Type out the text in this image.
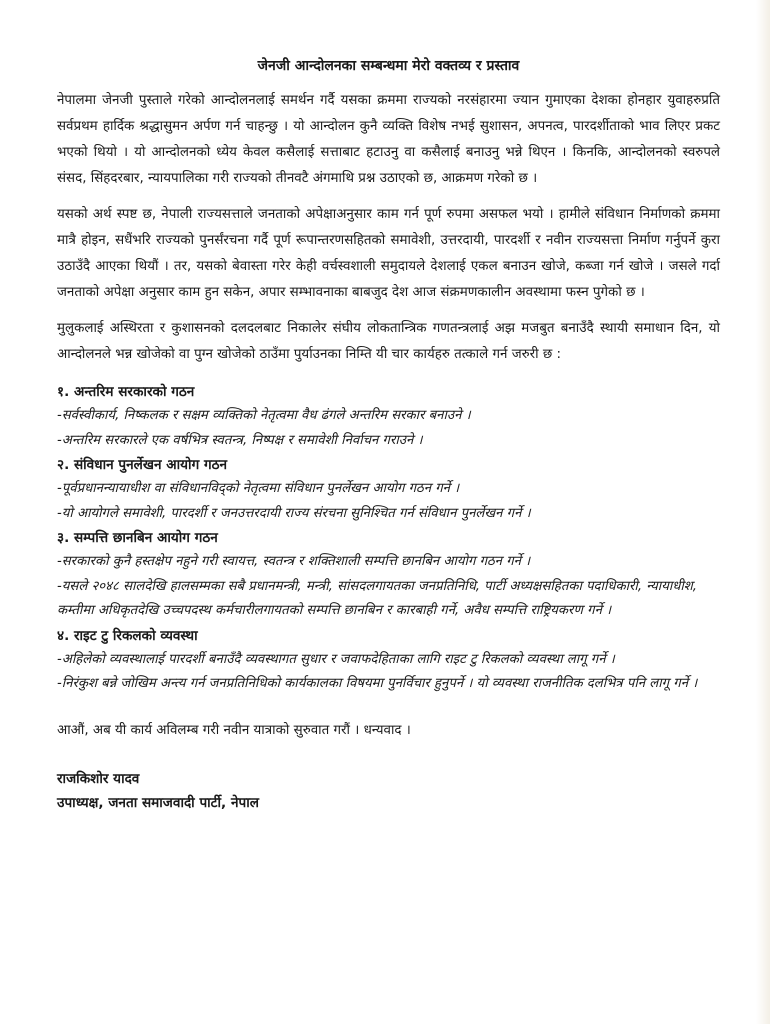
जेनजी आन्दोलनका सम्बन्धमा मेरो वक्तव्य र प्रस्ताव

नेपालमा जेनजी पुस्ताले गरेको आन्दोलनलाई समर्थन गर्दै यसका क्रममा राज्यको नरसंहारमा ज्यान गुमाएका देशका होनहार युवाहरुप्रति सर्वप्रथम हार्दिक श्रद्धासुमन अर्पण गर्न चाहन्छु । यो आन्दोलन कुनै व्यक्ति विशेष नभई सुशासन, अपनत्व, पारदर्शीताको भाव लिएर प्रकट भएको थियो । यो आन्दोलनको ध्येय केवल कसैलाई सत्ताबाट हटाउनु वा कसैलाई बनाउनु भन्ने थिएन । किनकि, आन्दोलनको स्वरुपले संसद, सिंहदरबार, न्यायपालिका गरी राज्यको तीनवटै अंगमाथि प्रश्न उठाएको छ, आक्रमण गरेको छ ।

यसको अर्थ स्पष्ट छ, नेपाली राज्यसत्ताले जनताको अपेक्षाअनुसार काम गर्न पूर्ण रुपमा असफल भयो । हामीले संविधान निर्माणको क्रममा मात्रै होइन, सधैंभरि राज्यको पुनर्संरचना गर्दै पूर्ण रूपान्तरणसहितको समावेशी, उत्तरदायी, पारदर्शी र नवीन राज्यसत्ता निर्माण गर्नुपर्ने कुरा उठाउँदै आएका थियौं । तर, यसको बेवास्ता गरेर केही वर्चस्वशाली समुदायले देशलाई एकल बनाउन खोजे, कब्जा गर्न खोजे । जसले गर्दा जनताको अपेक्षा अनुसार काम हुन सकेन, अपार सम्भावनाका बाबजुद देश आज संक्रमणकालीन अवस्थामा फस्न पुगेको छ ।

मुलुकलाई अस्थिरता र कुशासनको दलदलबाट निकालेर संघीय लोकतान्त्रिक गणतन्त्रलाई अझ मजबुत बनाउँदै स्थायी समाधान दिन, यो आन्दोलनले भन्न खोजेको वा पुग्न खोजेको ठाउँमा पुर्याउनका निम्ति यी चार कार्यहरु तत्काले गर्न जरुरी छ :

१. अन्तरिम सरकारको गठन

-सर्वस्वीकार्य, निष्कलक र सक्षम व्यक्तिको नेतृत्वमा वैध ढंगले अन्तरिम सरकार बनाउने ।

-अन्तरिम सरकारले एक वर्षभित्र स्वतन्त्र, निष्पक्ष र समावेशी निर्वाचन गराउने ।

२. संविधान पुनर्लेखन आयोग गठन

-पूर्वप्रधानन्यायाधीश वा संविधानविद्को नेतृत्वमा संविधान पुनर्लेखन आयोग गठन गर्ने ।

-यो आयोगले समावेशी, पारदर्शी र जनउत्तरदायी राज्य संरचना सुनिश्चित गर्न संविधान पुनर्लेखन गर्ने ।

३. सम्पत्ति छानबिन आयोग गठन

-सरकारको कुनै हस्तक्षेप नहुने गरी स्वायत्त, स्वतन्त्र र शक्तिशाली सम्पत्ति छानबिन आयोग गठन गर्ने ।

-यसले २०४८ सालदेखि हालसम्मका सबै प्रधानमन्त्री, मन्त्री, सांसदलगायतका जनप्रतिनिधि, पार्टी अध्यक्षसहितका पदाधिकारी, न्यायाधीश, कम्तीमा अधिकृतदेखि उच्चपदस्थ कर्मचारीलगायतको सम्पत्ति छानबिन र कारबाही गर्ने, अवैध सम्पत्ति राष्ट्रियकरण गर्ने ।

४. राइट टु रिकलको व्यवस्था

-अहिलेको व्यवस्थालाई पारदर्शी बनाउँदै व्यवस्थागत सुधार र जवाफदेहिताका लागि राइट टु रिकलको व्यवस्था लागू गर्ने ।

-निरंकुश बन्ने जोखिम अन्त्य गर्न जनप्रतिनिधिको कार्यकालका विषयमा पुनर्विचार हुनुपर्ने । यो व्यवस्था राजनीतिक दलभित्र पनि लागू गर्ने ।

आऔं, अब यी कार्य अविलम्ब गरी नवीन यात्राको सुरुवात गरौं । धन्यवाद ।

राजकिशोर यादव

उपाध्यक्ष, जनता समाजवादी पार्टी, नेपाल
